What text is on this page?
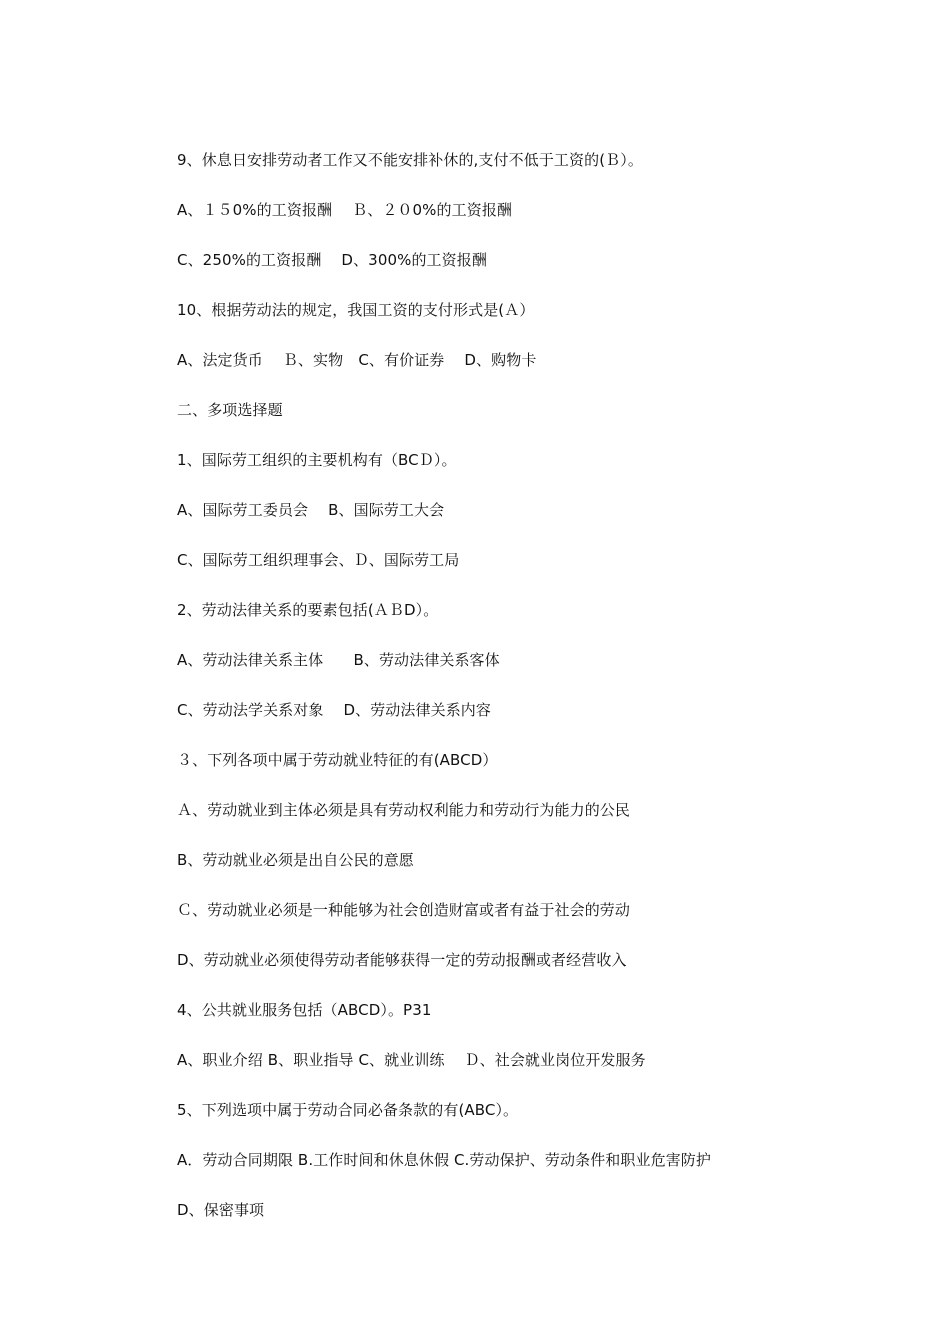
9、休息日安排劳动者工作又不能安排补休的,支付不低于工资的(Ｂ）。
A、１５0%的工资报酬　 Ｂ、２０0%的工资报酬
C、250%的工资报酬　 D、300%的工资报酬
10、根据劳动法的规定，我国工资的支付形式是(Ａ）
A、法定货币　 Ｂ、实物　C、有价证券　 D、购物卡
二、多项选择题
1、国际劳工组织的主要机构有（BCＤ）。
A、国际劳工委员会　 B、国际劳工大会
C、国际劳工组织理事会、Ｄ、国际劳工局
2、劳动法律关系的要素包括(ＡＢD）。
A、劳动法律关系主体　　B、劳动法律关系客体
C、劳动法学关系对象　 D、劳动法律关系内容
３、下列各项中属于劳动就业特征的有(ABCD）
Ａ、劳动就业到主体必须是具有劳动权利能力和劳动行为能力的公民
B、劳动就业必须是出自公民的意愿
Ｃ、劳动就业必须是一种能够为社会创造财富或者有益于社会的劳动
D、劳动就业必须使得劳动者能够获得一定的劳动报酬或者经营收入
4、公共就业服务包括（ABCD）。P31
A、职业介绍 B、职业指导 C、就业训练　 Ｄ、社会就业岗位开发服务
5、下列选项中属于劳动合同必备条款的有(ABC）。
A．劳动合同期限 B.工作时间和休息休假 C.劳动保护、劳动条件和职业危害防护
D、保密事项
